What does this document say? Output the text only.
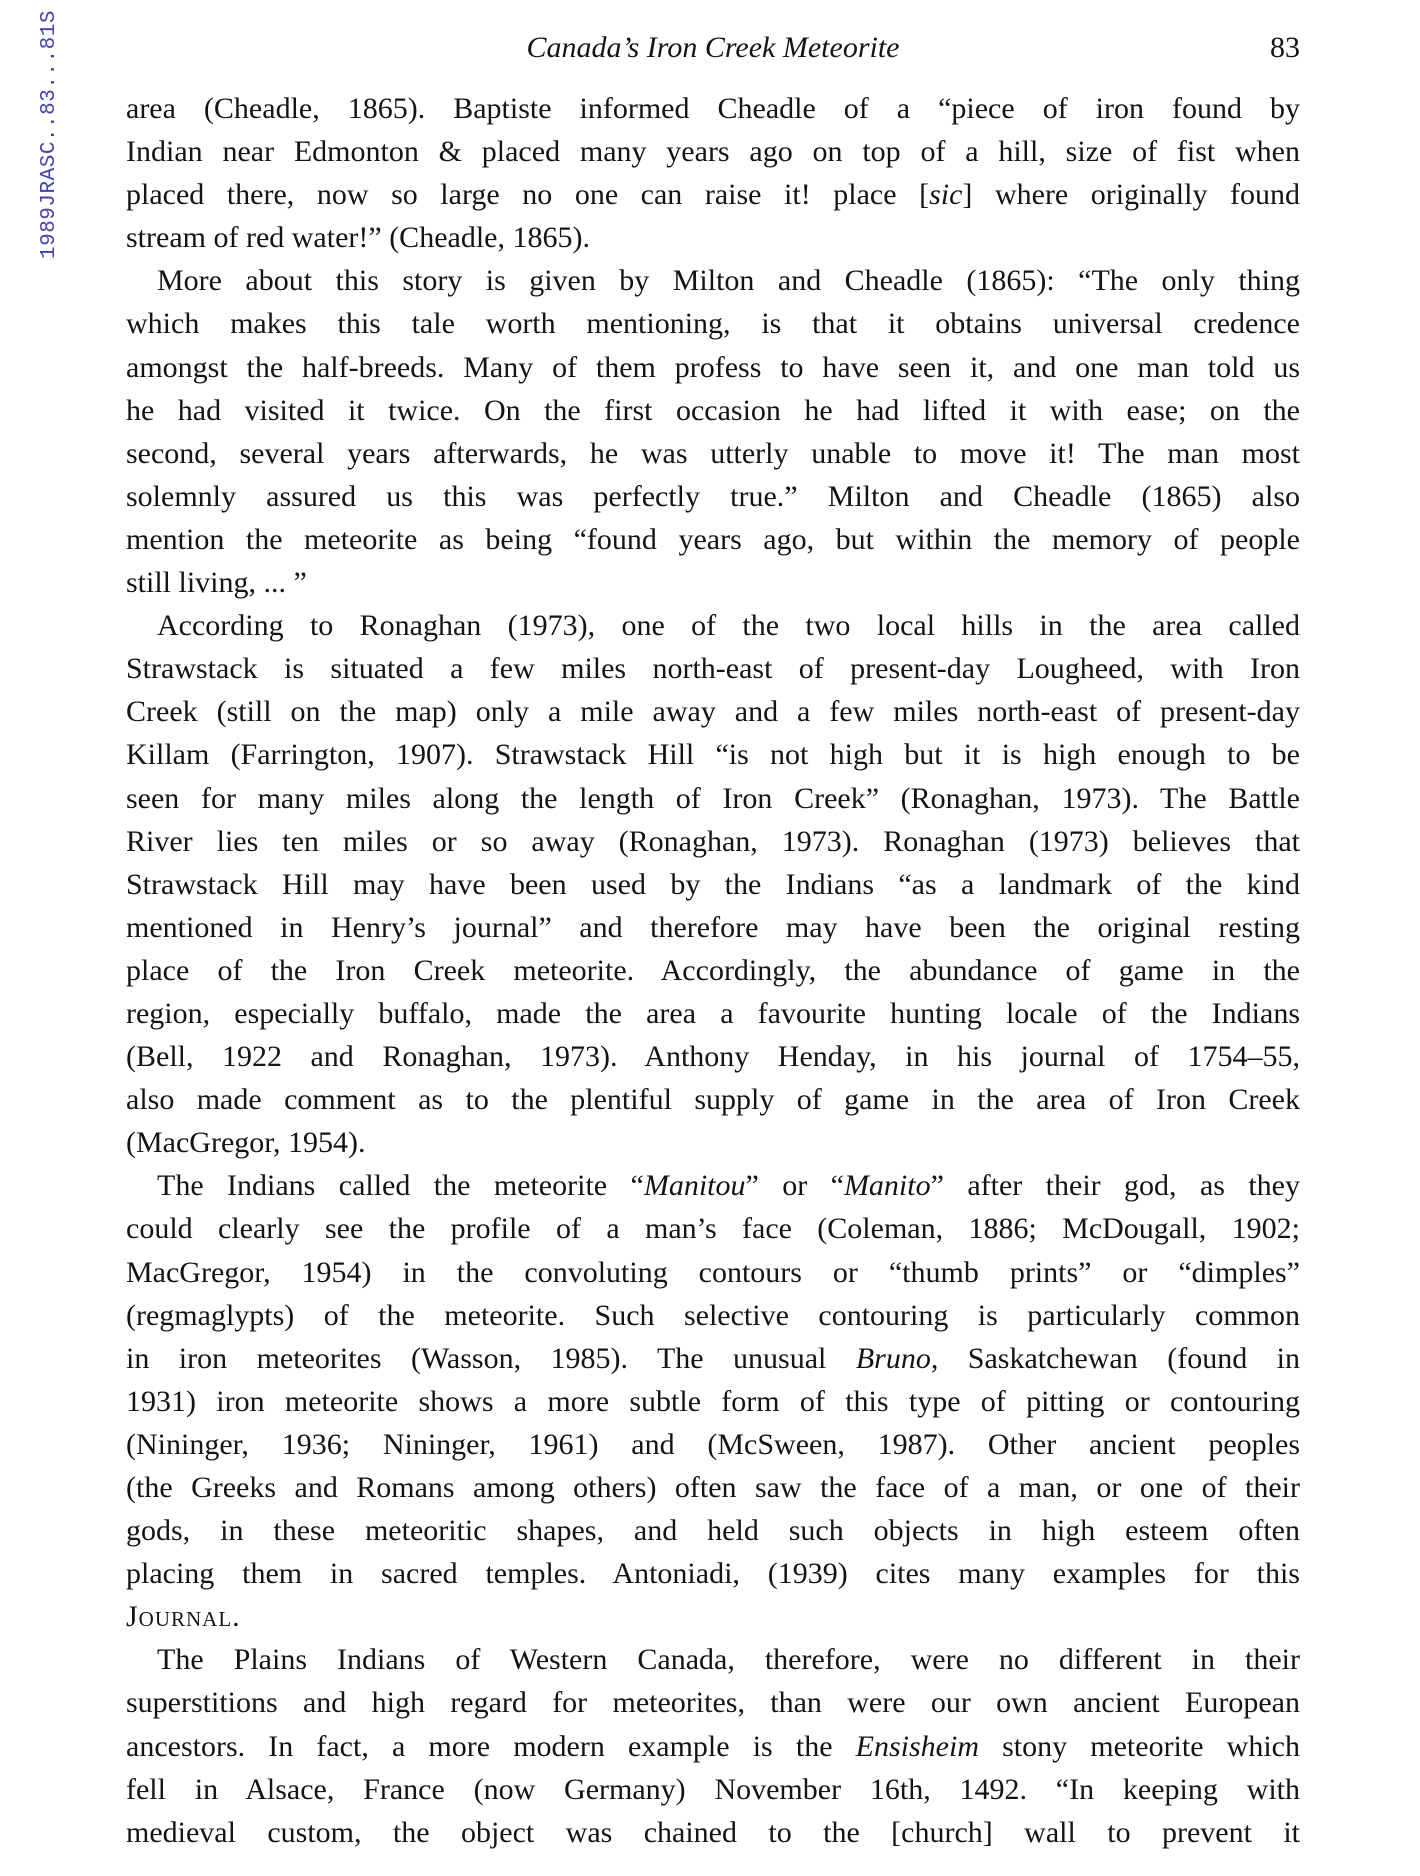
1989JRASC..83...81S	Canada’s Iron Creek Meteorite	83
area (Cheadle, 1865). Baptiste informed Cheadle of a “piece of iron found by
Indian near Edmonton & placed many years ago on top of a hill, size of fist when
placed there, now so large no one can raise it! place [sic] where originally found
stream of red water!” (Cheadle, 1865).
More about this story is given by Milton and Cheadle (1865): “The only thing
which makes this tale worth mentioning, is that it obtains universal credence
amongst the half-breeds. Many of them profess to have seen it, and one man told us
he had visited it twice. On the first occasion he had lifted it with ease; on the
second, several years afterwards, he was utterly unable to move it! The man most
solemnly assured us this was perfectly true.” Milton and Cheadle (1865) also
mention the meteorite as being “found years ago, but within the memory of people
still living, ... ”
According to Ronaghan (1973), one of the two local hills in the area called
Strawstack is situated a few miles north-east of present-day Lougheed, with Iron
Creek (still on the map) only a mile away and a few miles north-east of present-day
Killam (Farrington, 1907). Strawstack Hill “is not high but it is high enough to be
seen for many miles along the length of Iron Creek” (Ronaghan, 1973). The Battle
River lies ten miles or so away (Ronaghan, 1973). Ronaghan (1973) believes that
Strawstack Hill may have been used by the Indians “as a landmark of the kind
mentioned in Henry’s journal” and therefore may have been the original resting
place of the Iron Creek meteorite. Accordingly, the abundance of game in the
region, especially buffalo, made the area a favourite hunting locale of the Indians
(Bell, 1922 and Ronaghan, 1973). Anthony Henday, in his journal of 1754–55,
also made comment as to the plentiful supply of game in the area of Iron Creek
(MacGregor, 1954).
The Indians called the meteorite “Manitou” or “Manito” after their god, as they
could clearly see the profile of a man’s face (Coleman, 1886; McDougall, 1902;
MacGregor, 1954) in the convoluting contours or “thumb prints” or “dimples”
(regmaglypts) of the meteorite. Such selective contouring is particularly common
in iron meteorites (Wasson, 1985). The unusual Bruno, Saskatchewan (found in
1931) iron meteorite shows a more subtle form of this type of pitting or contouring
(Nininger, 1936; Nininger, 1961) and (McSween, 1987). Other ancient peoples
(the Greeks and Romans among others) often saw the face of a man, or one of their
gods, in these meteoritic shapes, and held such objects in high esteem often
placing them in sacred temples. Antoniadi, (1939) cites many examples for this
Journal.
The Plains Indians of Western Canada, therefore, were no different in their
superstitions and high regard for meteorites, than were our own ancient European
ancestors. In fact, a more modern example is the Ensisheim stony meteorite which
fell in Alsace, France (now Germany) November 16th, 1492. “In keeping with
medieval custom, the object was chained to the [church] wall to prevent it
